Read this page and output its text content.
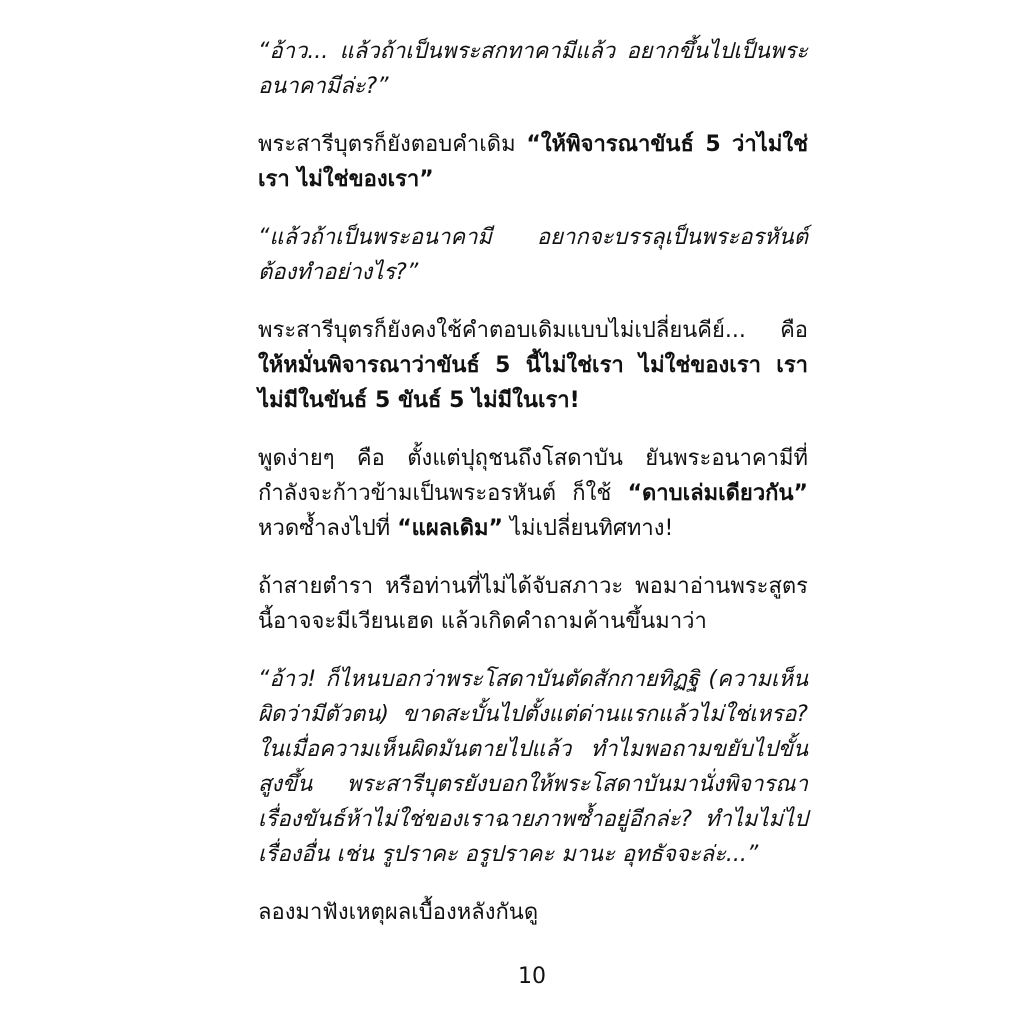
“อ้าว... แล้วถ้าเป็นพระสกทาคามีแล้ว อยากขึ้นไปเป็นพระอนาคามีล่ะ?”

พระสารีบุตรก็ยังตอบคำเดิม “ให้พิจารณาขันธ์ 5 ว่าไม่ใช่เรา ไม่ใช่ของเรา”

“แล้วถ้าเป็นพระอนาคามี อยากจะบรรลุเป็นพระอรหันต์ต้องทำอย่างไร?”

พระสารีบุตรก็ยังคงใช้คำตอบเดิมแบบไม่เปลี่ยนคีย์... คือ ให้หมั่นพิจารณาว่าขันธ์ 5 นี้ไม่ใช่เรา ไม่ใช่ของเรา เราไม่มีในขันธ์ 5 ขันธ์ 5 ไม่มีในเรา!

พูดง่ายๆ คือ ตั้งแต่ปุถุชนถึงโสดาบัน ยันพระอนาคามีที่กำลังจะก้าวข้ามเป็นพระอรหันต์ ก็ใช้ “ดาบเล่มเดียวกัน” หวดซ้ำลงไปที่ “แผลเดิม” ไม่เปลี่ยนทิศทาง!

ถ้าสายตำรา หรือท่านที่ไม่ได้จับสภาวะ พอมาอ่านพระสูตรนี้อาจจะมีเวียนเฮด แล้วเกิดคำถามค้านขึ้นมาว่า

“อ้าว! ก็ไหนบอกว่าพระโสดาบันตัดสักกายทิฏฐิ (ความเห็นผิดว่ามีตัวตน) ขาดสะบั้นไปตั้งแต่ด่านแรกแล้วไม่ใช่เหรอ? ในเมื่อความเห็นผิดมันตายไปแล้ว ทำไมพอถามขยับไปขั้นสูงขึ้น พระสารีบุตรยังบอกให้พระโสดาบันมานั่งพิจารณาเรื่องขันธ์ห้าไม่ใช่ของเราฉายภาพซ้ำอยู่อีกล่ะ? ทำไมไม่ไปเรื่องอื่น เช่น รูปราคะ อรูปราคะ มานะ อุทธัจจะล่ะ...”

ลองมาฟังเหตุผลเบื้องหลังกันดู

10
